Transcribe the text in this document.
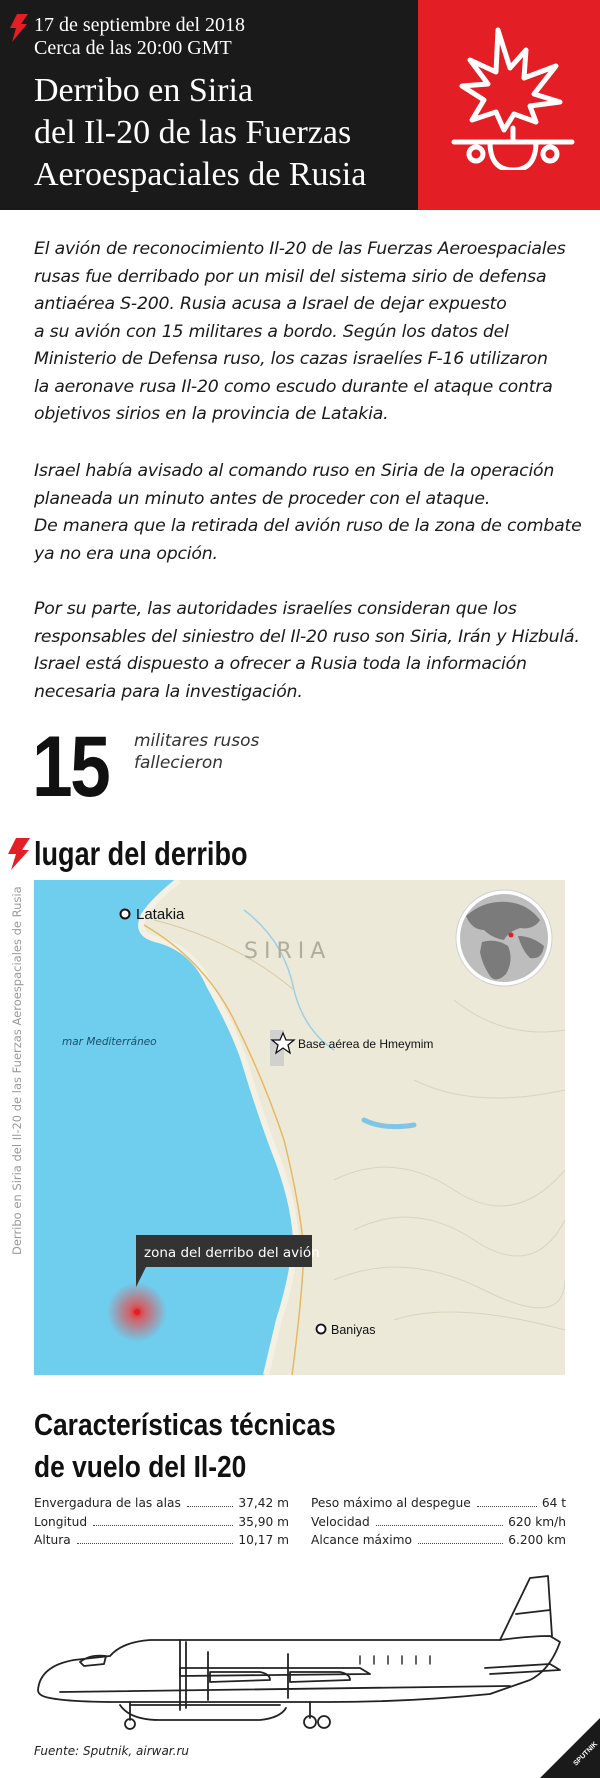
17 de septiembre del 2018
Cerca de las 20:00 GMT
Derribo en Siria
del Il-20 de las Fuerzas
Aeroespaciales de Rusia
El avión de reconocimiento Il-20 de las Fuerzas Aeroespaciales
rusas fue derribado por un misil del sistema sirio de defensa
antiaérea S-200. Rusia acusa a Israel de dejar expuesto
a su avión con 15 militares a bordo. Según los datos del
Ministerio de Defensa ruso, los cazas israelíes F-16 utilizaron
la aeronave rusa Il-20 como escudo durante el ataque contra
objetivos sirios en la provincia de Latakia.
Israel había avisado al comando ruso en Siria de la operación
planeada un minuto antes de proceder con el ataque.
De manera que la retirada del avión ruso de la zona de combate
ya no era una opción.
Por su parte, las autoridades israelíes consideran que los
responsables del siniestro del Il-20 ruso son Siria, Irán y Hizbulá.
Israel está dispuesto a ofrecer a Rusia toda la información
necesaria para la investigación.
15 militares rusos
fallecieron
lugar del derribo
Derribo en Siria del Il-20 de las Fuerzas Aeroespaciales de Rusia	Latakia
SIRIA
mar Mediterráneo	Base aérea de Hmeymim
Baniyas
zona del derribo del avión
Características técnicas
de vuelo del Il-20
Envergadura de las alas	37,42 m
Longitud	35,90 m
Altura	10,17 m
Peso máximo al despegue	64 t
Velocidad	620 km/h
Alcance máximo	6.200 km
Fuente: Sputnik, airwar.ru	SPUTNIK
